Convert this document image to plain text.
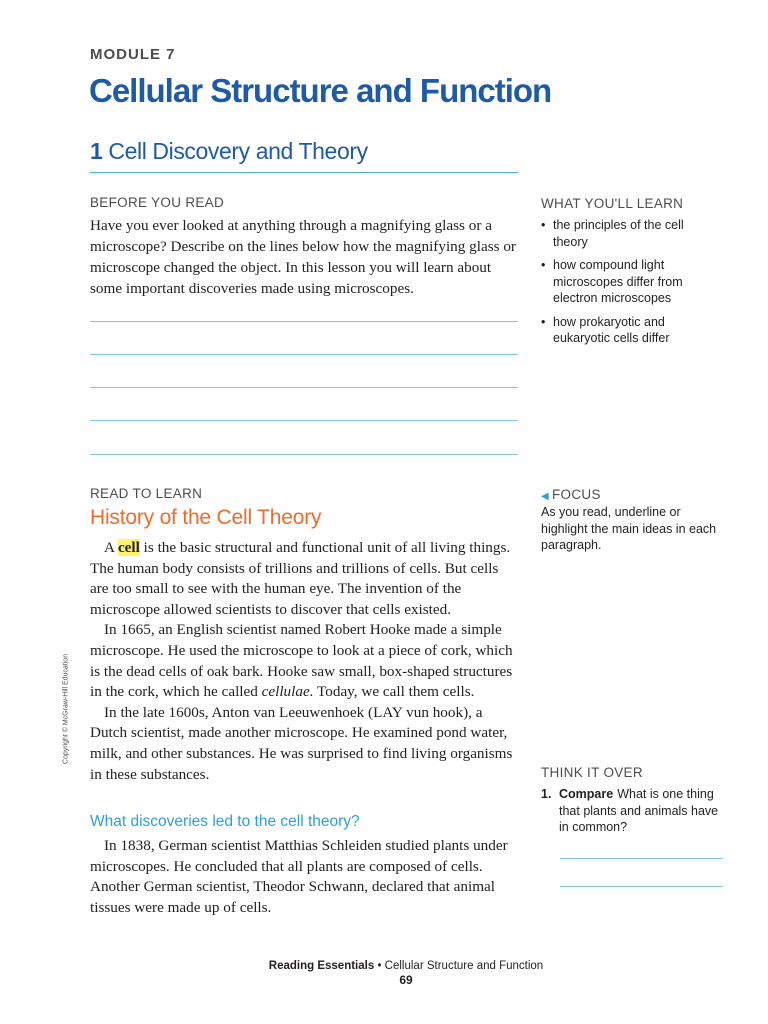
MODULE 7
Cellular Structure and Function
1 Cell Discovery and Theory
BEFORE YOU READ

Have you ever looked at anything through a magnifying glass or a microscope? Describe on the lines below how the magnifying glass or microscope changed the object. In this lesson you will learn about some important discoveries made using microscopes.

WHAT YOU'LL LEARN
• the principles of the cell theory
• how compound light microscopes differ from electron microscopes
• how prokaryotic and eukaryotic cells differ
READ TO LEARN
History of the Cell Theory

A cell is the basic structural and functional unit of all living things. The human body consists of trillions and trillions of cells. But cells are too small to see with the human eye. The invention of the microscope allowed scientists to discover that cells existed.

In 1665, an English scientist named Robert Hooke made a simple microscope. He used the microscope to look at a piece of cork, which is the dead cells of oak bark. Hooke saw small, box-shaped structures in the cork, which he called cellulae. Today, we call them cells.

In the late 1600s, Anton van Leeuwenhoek (LAY vun hook), a Dutch scientist, made another microscope. He examined pond water, milk, and other substances. He was surprised to find living organisms in these substances.

What discoveries led to the cell theory?

In 1838, German scientist Matthias Schleiden studied plants under microscopes. He concluded that all plants are composed of cells. Another German scientist, Theodor Schwann, declared that animal tissues were made up of cells.

◀ FOCUS

As you read, underline or highlight the main ideas in each paragraph.

THINK IT OVER
1. Compare What is one thing that plants and animals have in common?
Copyright © McGraw-Hill Education
Reading Essentials • Cellular Structure and Function
69
